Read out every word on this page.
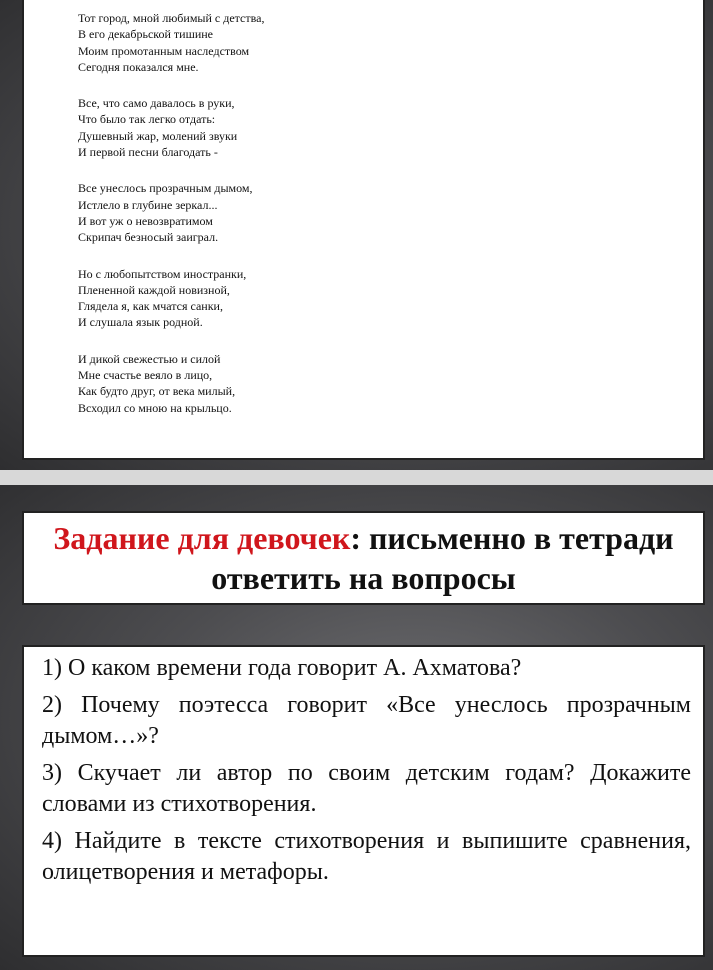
Тот город, мной любимый с детства,
В его декабрьской тишине
Моим промотанным наследством
Сегодня показался мне.
Все, что само давалось в руки,
Что было так легко отдать:
Душевный жар, молений звуки
И первой песни благодать -
Все унеслось прозрачным дымом,
Истлело в глубине зеркал...
И вот уж о невозвратимом
Скрипач безносый заиграл.
Но с любопытством иностранки,
Плененной каждой новизной,
Глядела я, как мчатся санки,
И слушала язык родной.
И дикой свежестью и силой
Мне счастье веяло в лицо,
Как будто друг, от века милый,
Всходил со мною на крыльцо.
Задание для девочек: письменно в тетради ответить на вопросы
1) О каком времени года говорит А. Ахматова?
2) Почему поэтесса говорит «Все унеслось прозрачным дымом…»?
3) Скучает ли автор по своим детским годам? Докажите словами из стихотворения.
4) Найдите в тексте стихотворения и выпишите сравнения, олицетворения и метафоры.
